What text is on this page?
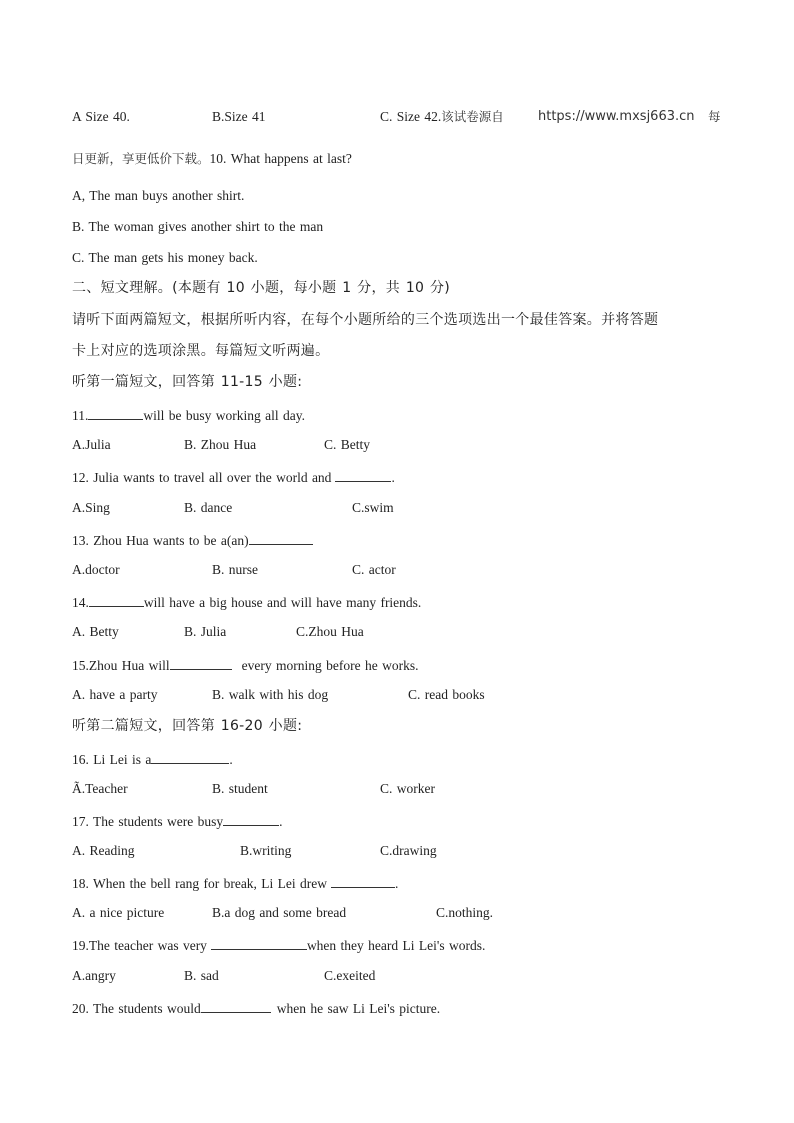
A Size 40.	B.Size 41	C. Size 42.该试卷源自	https://www.mxsj663.cn 每
日更新，享更低价下载。10. What happens at last?
A, The man buys another shirt.
B. The woman gives another shirt to the man
C. The man gets his money back.
二、短文理解。(本题有 10 小题，每小题 1 分，共 10 分)
请听下面两篇短文，根据所听内容，在每个小题所给的三个选项选出一个最佳答案。并将答题
卡上对应的选项涂黑。每篇短文听两遍。
听第一篇短文，回答第 11-15 小题:
11.	will be busy working all day.
A.Julia	B. Zhou Hua	C. Betty
12. Julia wants to travel all over the world and	.
A.Sing	B. dance	C.swim
13. Zhou Hua wants to be a(an)
A.doctor	B. nurse	C. actor
14.	will have a big house and will have many friends.
A. Betty	B. Julia	C.Zhou Hua
15.Zhou Hua will	every morning before he works.
A. have a party	B. walk with his dog	C. read books
听第二篇短文，回答第 16-20 小题:
16. Li Lei is a	.
Ã.Teacher	B. student	C. worker
17. The students were busy	.
A. Reading	B.writing	C.drawing
18. When the bell rang for break, Li Lei drew	.
A. a nice picture	B.a dog and some bread	C.nothing.
19.The teacher was very	when they heard Li Lei's words.
A.angry	B. sad	C.exeited
20. The students would	when he saw Li Lei's picture.
